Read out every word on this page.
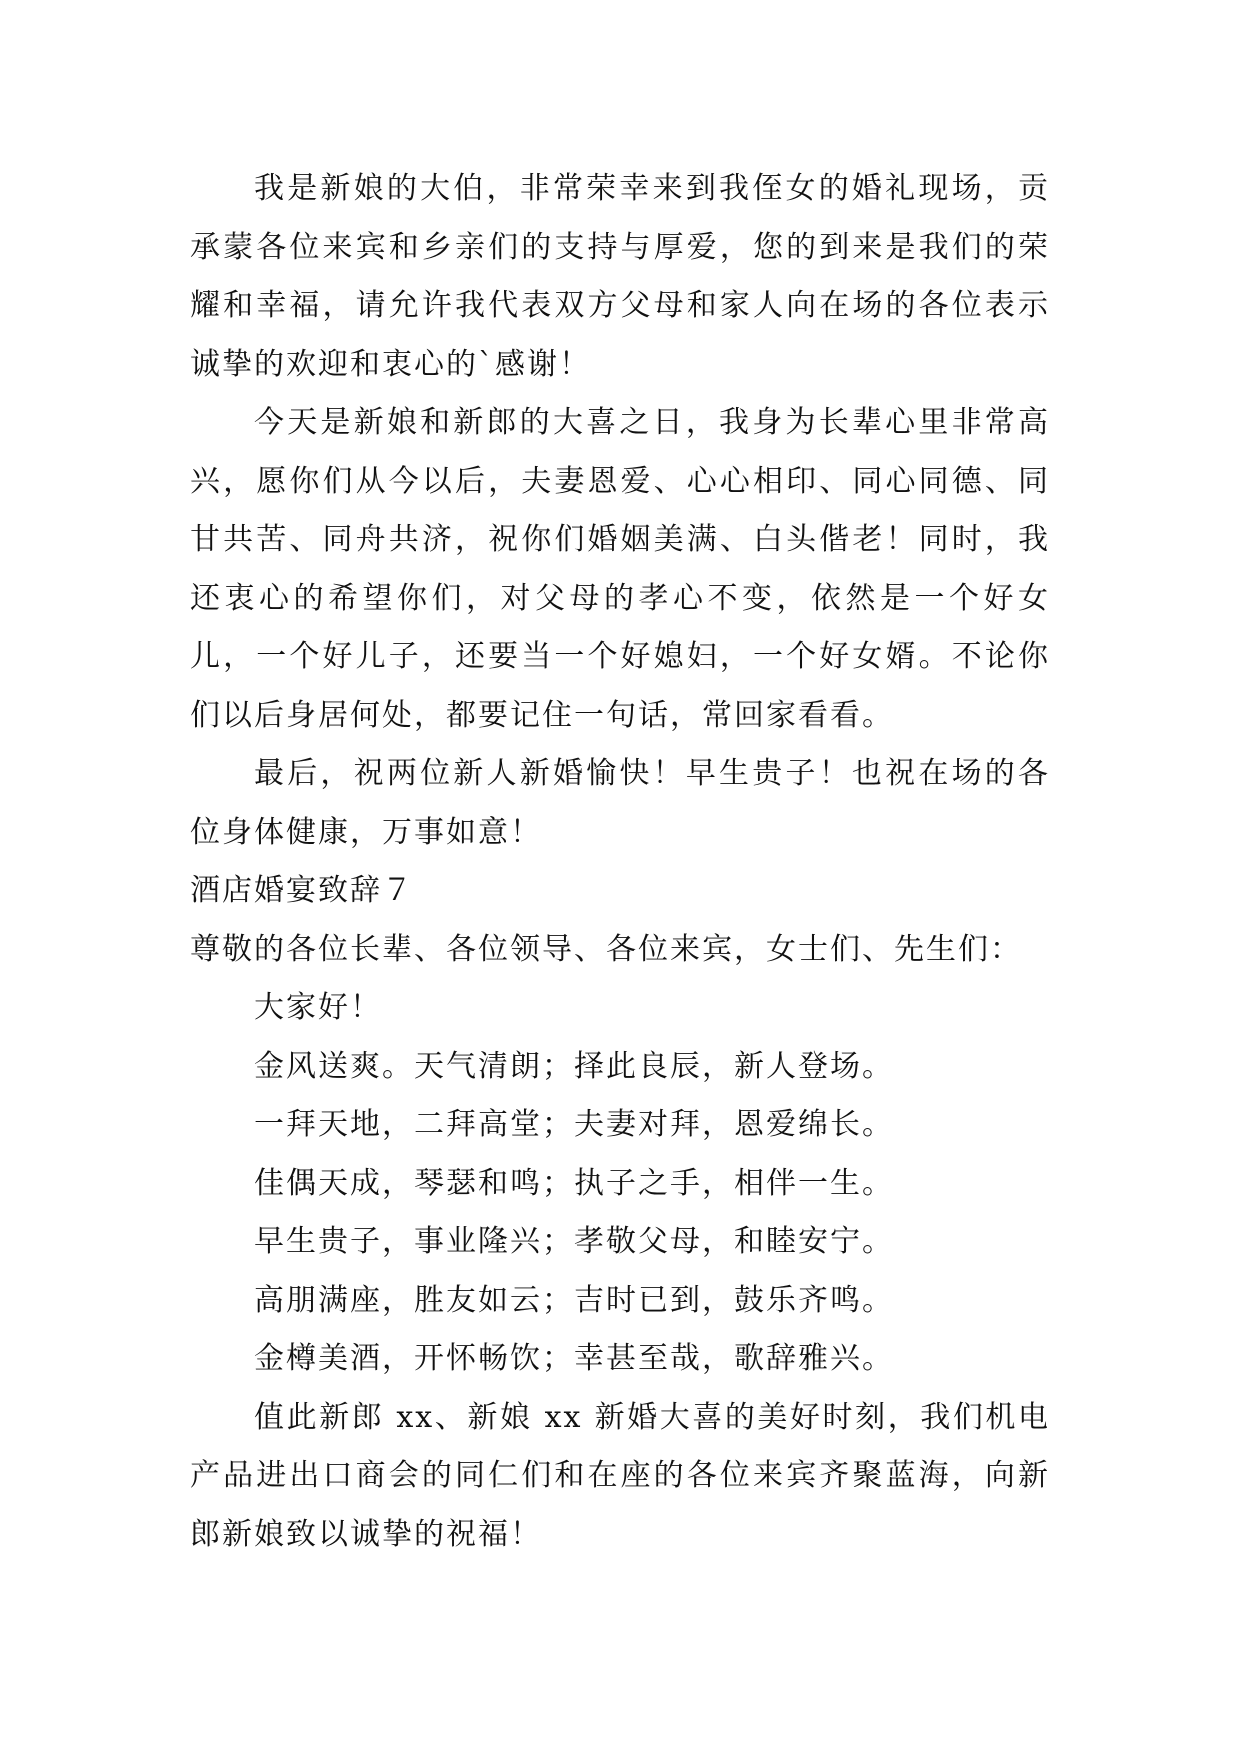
我是新娘的大伯，非常荣幸来到我侄女的婚礼现场，贡承蒙各位来宾和乡亲们的支持与厚爱，您的到来是我们的荣耀和幸福，请允许我代表双方父母和家人向在场的各位表示诚挚的欢迎和衷心的`感谢！

今天是新娘和新郎的大喜之日，我身为长辈心里非常高兴，愿你们从今以后，夫妻恩爱、心心相印、同心同德、同甘共苦、同舟共济，祝你们婚姻美满、白头偕老！同时，我还衷心的希望你们，对父母的孝心不变，依然是一个好女儿，一个好儿子，还要当一个好媳妇，一个好女婿。不论你们以后身居何处，都要记住一句话，常回家看看。

最后，祝两位新人新婚愉快！早生贵子！也祝在场的各位身体健康，万事如意！

酒店婚宴致辞７

尊敬的各位长辈、各位领导、各位来宾，女士们、先生们：

大家好！

金风送爽。天气清朗；择此良辰，新人登场。

一拜天地，二拜高堂；夫妻对拜，恩爱绵长。

佳偶天成，琴瑟和鸣；执子之手，相伴一生。

早生贵子，事业隆兴；孝敬父母，和睦安宁。

高朋满座，胜友如云；吉时已到，鼓乐齐鸣。

金樽美酒，开怀畅饮；幸甚至哉，歌辞雅兴。

值此新郎 xx、新娘 xx 新婚大喜的美好时刻，我们机电产品进出口商会的同仁们和在座的各位来宾齐聚蓝海，向新郎新娘致以诚挚的祝福！
